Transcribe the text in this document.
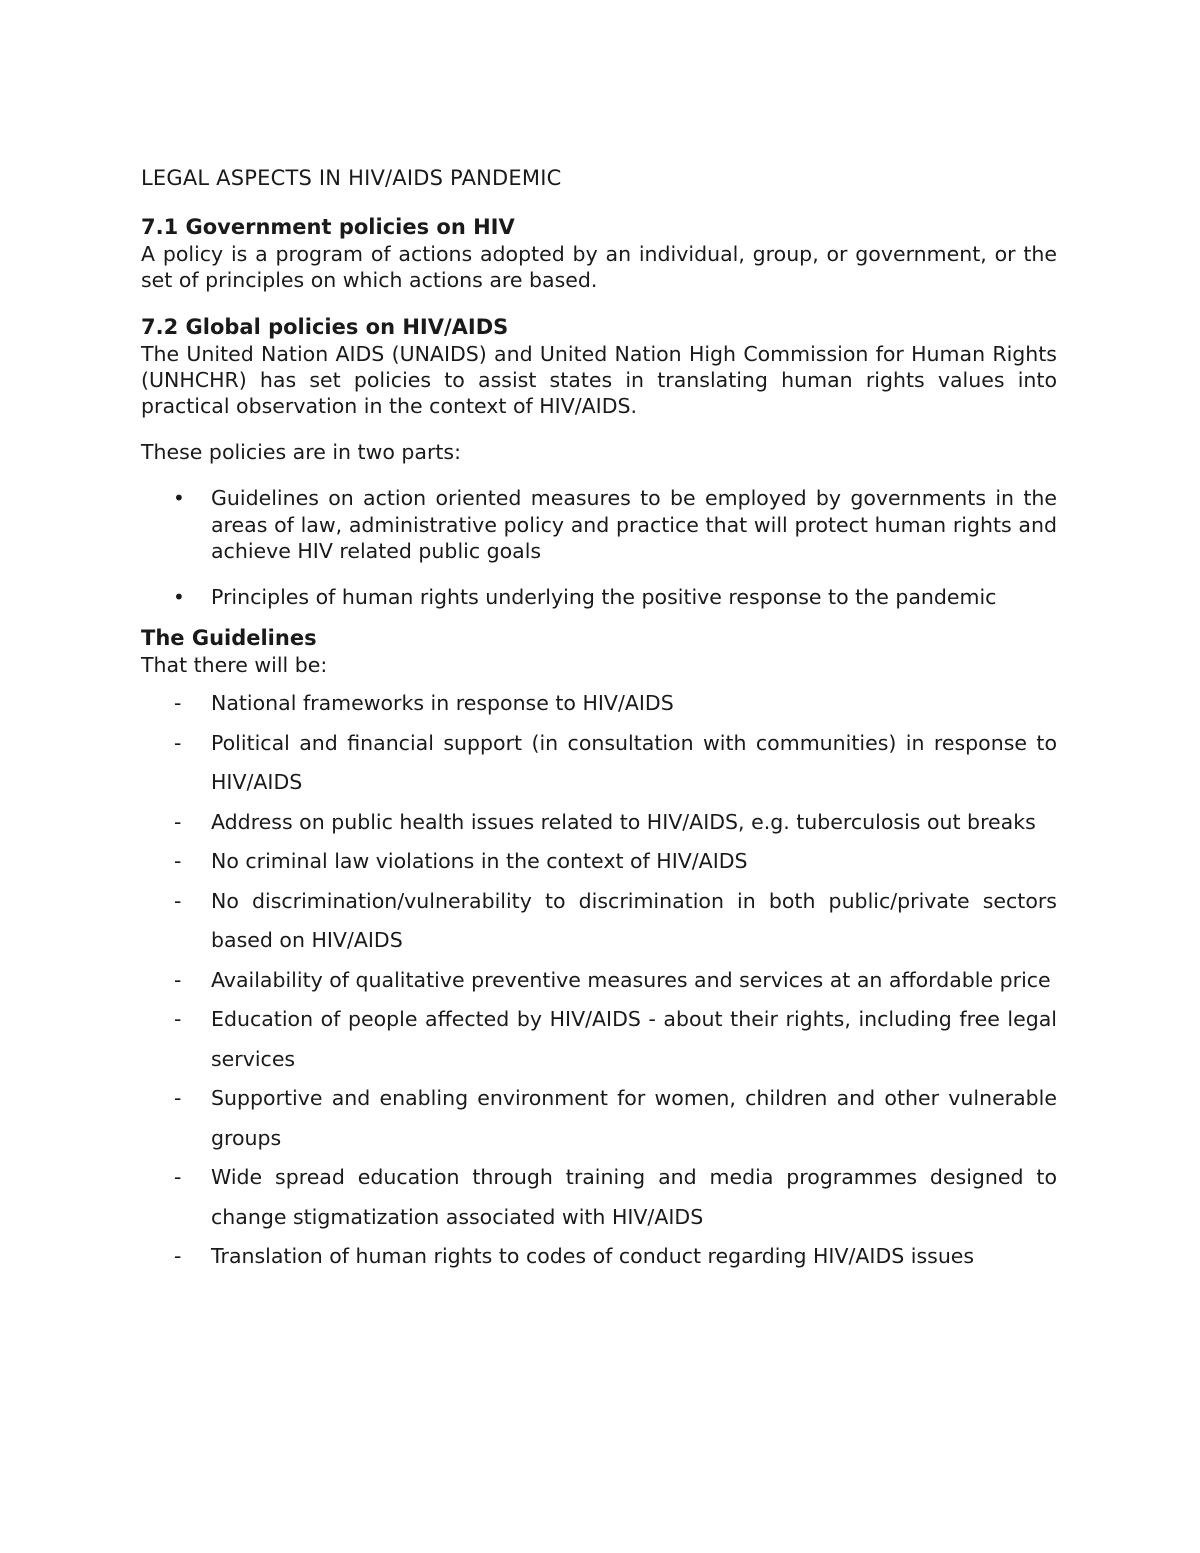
LEGAL ASPECTS IN HIV/AIDS PANDEMIC
7.1 Government policies on HIV

A policy is a program of actions adopted by an individual, group, or government, or the set of principles on which actions are based.

7.2 Global policies on HIV/AIDS

The United Nation AIDS (UNAIDS) and United Nation High Commission for Human Rights (UNHCHR) has set policies to assist states in translating human rights values into practical observation in the context of HIV/AIDS.

These policies are in two parts:

• Guidelines on action oriented measures to be employed by governments in the areas of law, administrative policy and practice that will protect human rights and achieve HIV related public goals
• Principles of human rights underlying the positive response to the pandemic
The Guidelines

That there will be:

- National frameworks in response to HIV/AIDS
- Political and financial support (in consultation with communities) in response to HIV/AIDS
- Address on public health issues related to HIV/AIDS, e.g. tuberculosis out breaks
- No criminal law violations in the context of HIV/AIDS
- No discrimination/vulnerability to discrimination in both public/private sectors based on HIV/AIDS
- Availability of qualitative preventive measures and services at an affordable price
- Education of people affected by HIV/AIDS - about their rights, including free legal services
- Supportive and enabling environment for women, children and other vulnerable groups
- Wide spread education through training and media programmes designed to change stigmatization associated with HIV/AIDS
- Translation of human rights to codes of conduct regarding HIV/AIDS issues
